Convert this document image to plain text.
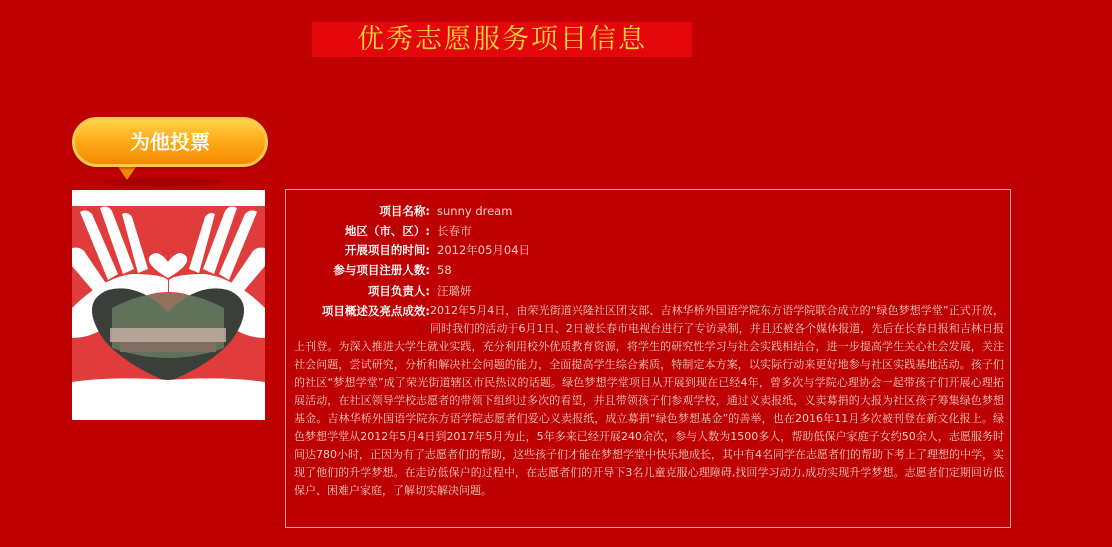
优秀志愿服务项目信息
为他投票
项目名称: sunny dream
地区（市、区）: 长春市
开展项目的时间: 2012年05月04日
参与项目注册人数: 58
项目负责人: 汪璐妍
项目概述及亮点成效: 2012年5月4日，由荣光街道兴隆社区团支部、吉林华桥外国语学院东方语学院联合成立的“绿色梦想学堂”正式开放，同时我们的活动于6月1日、2日被长春市电视台进行了专访录制，并且还被各个媒体报道，先后在长春日报和吉林日报上刊登。为深入推进大学生就业实践，充分利用校外优质教育资源，将学生的研究性学习与社会实践相结合，进一步提高学生关心社会发展，关注社会问题，尝试研究，分析和解决社会问题的能力，全面提高学生综合素质，特制定本方案，以实际行动来更好地参与社区实践基地活动。孩子们的社区“梦想学堂”成了荣光街道辖区市民热议的话题。绿色梦想学堂项目从开展到现在已经4年，曾多次与学院心理协会一起带孩子们开展心理拓展活动，在社区领导学校志愿者的带领下组织过多次的看望，并且带领孩子们参观学校，通过义卖报纸，义卖募捐的大报为社区孩子筹集绿色梦想基金。吉林华桥外国语学院东方语学院志愿者们爱心义卖报纸，成立募捐“绿色梦想基金”的善举，也在2016年11月多次被刊登在新文化报上。绿色梦想学堂从2012年5月4日到2017年5月为止，5年多来已经开展240余次，参与人数为1500多人，帮助低保户家庭子女约50余人，志愿服务时间达780小时，正因为有了志愿者们的帮助，这些孩子们才能在梦想学堂中快乐地成长，其中有4名同学在志愿者们的帮助下考上了理想的中学，实现了他们的升学梦想。在走访低保户的过程中，在志愿者们的开导下3名儿童克服心理障碍,找回学习动力,成功实现升学梦想。志愿者们定期回访低保户、困难户家庭，了解切实解决问题。
